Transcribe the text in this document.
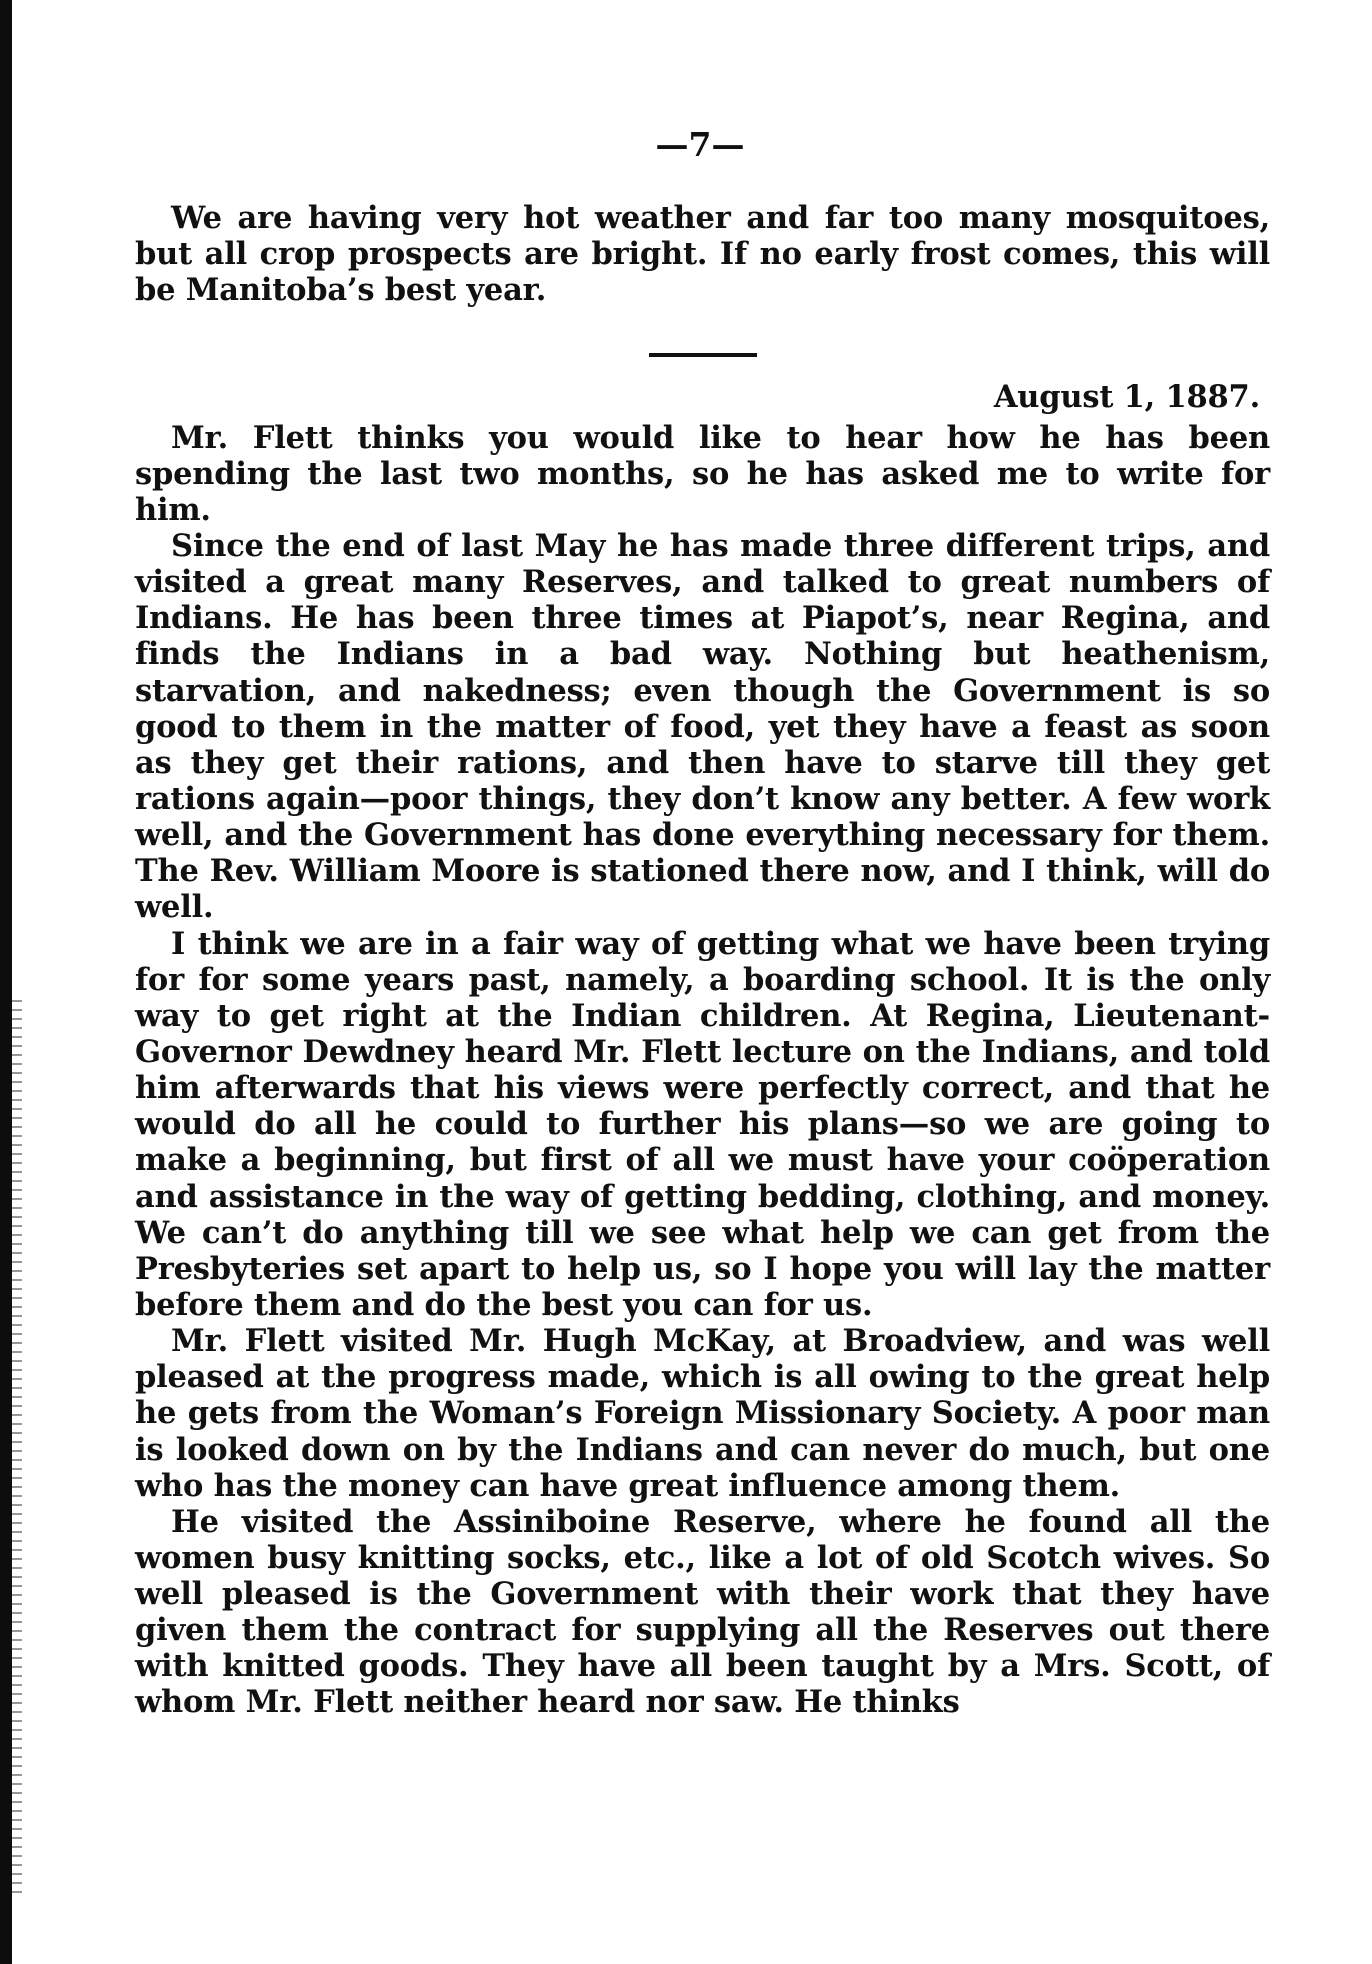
—7—

We are having very hot weather and far too many mosquitoes, but all crop prospects are bright. If no early frost comes, this will be Manitoba’s best year.

August 1, 1887.

Mr. Flett thinks you would like to hear how he has been spending the last two months, so he has asked me to write for him.

Since the end of last May he has made three different trips, and visited a great many Reserves, and talked to great numbers of Indians. He has been three times at Piapot’s, near Regina, and finds the Indians in a bad way. Nothing but heathenism, starvation, and nakedness; even though the Government is so good to them in the matter of food, yet they have a feast as soon as they get their rations, and then have to starve till they get rations again—poor things, they don’t know any better. A few work well, and the Government has done everything necessary for them. The Rev. William Moore is stationed there now, and I think, will do well.

I think we are in a fair way of getting what we have been trying for for some years past, namely, a boarding school. It is the only way to get right at the Indian children. At Regina, Lieutenant-Governor Dewdney heard Mr. Flett lecture on the Indians, and told him afterwards that his views were perfectly correct, and that he would do all he could to further his plans—so we are going to make a beginning, but first of all we must have your coöperation and assistance in the way of getting bedding, clothing, and money. We can’t do anything till we see what help we can get from the Presbyteries set apart to help us, so I hope you will lay the matter before them and do the best you can for us.

Mr. Flett visited Mr. Hugh McKay, at Broadview, and was well pleased at the progress made, which is all owing to the great help he gets from the Woman’s Foreign Missionary Society. A poor man is looked down on by the Indians and can never do much, but one who has the money can have great influence among them.

He visited the Assiniboine Reserve, where he found all the women busy knitting socks, etc., like a lot of old Scotch wives. So well pleased is the Government with their work that they have given them the contract for supplying all the Reserves out there with knitted goods. They have all been taught by a Mrs. Scott, of whom Mr. Flett neither heard nor saw. He thinks
